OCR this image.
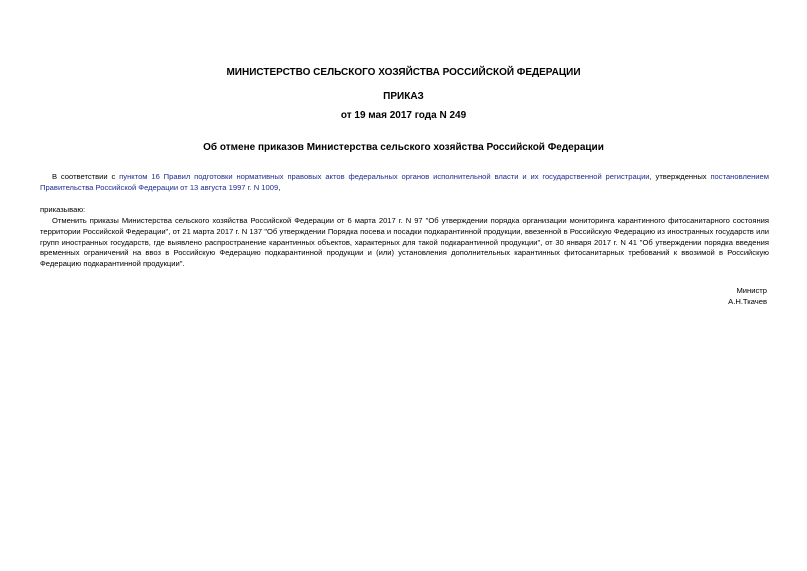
МИНИСТЕРСТВО СЕЛЬСКОГО ХОЗЯЙСТВА РОССИЙСКОЙ ФЕДЕРАЦИИ
ПРИКАЗ
от 19 мая 2017 года N 249
Об отмене приказов Министерства сельского хозяйства Российской Федерации
В соответствии с пунктом 16 Правил подготовки нормативных правовых актов федеральных органов исполнительной власти и их государственной регистрации, утвержденных постановлением Правительства Российской Федерации от 13 августа 1997 г. N 1009,
приказываю:
Отменить приказы Министерства сельского хозяйства Российской Федерации от 6 марта 2017 г. N 97 "Об утверждении порядка организации мониторинга карантинного фитосанитарного состояния территории Российской Федерации", от 21 марта 2017 г. N 137 "Об утверждении Порядка посева и посадки подкарантинной продукции, ввезенной в Российскую Федерацию из иностранных государств или групп иностранных государств, где выявлено распространение карантинных объектов, характерных для такой подкарантинной продукции", от 30 января 2017 г. N 41 "Об утверждении порядка введения временных ограничений на ввоз в Российскую Федерацию подкарантинной продукции и (или) установления дополнительных карантинных фитосанитарных требований к ввозимой в Российскую Федерацию подкарантинной продукции".
Министр
А.Н.Ткачев
